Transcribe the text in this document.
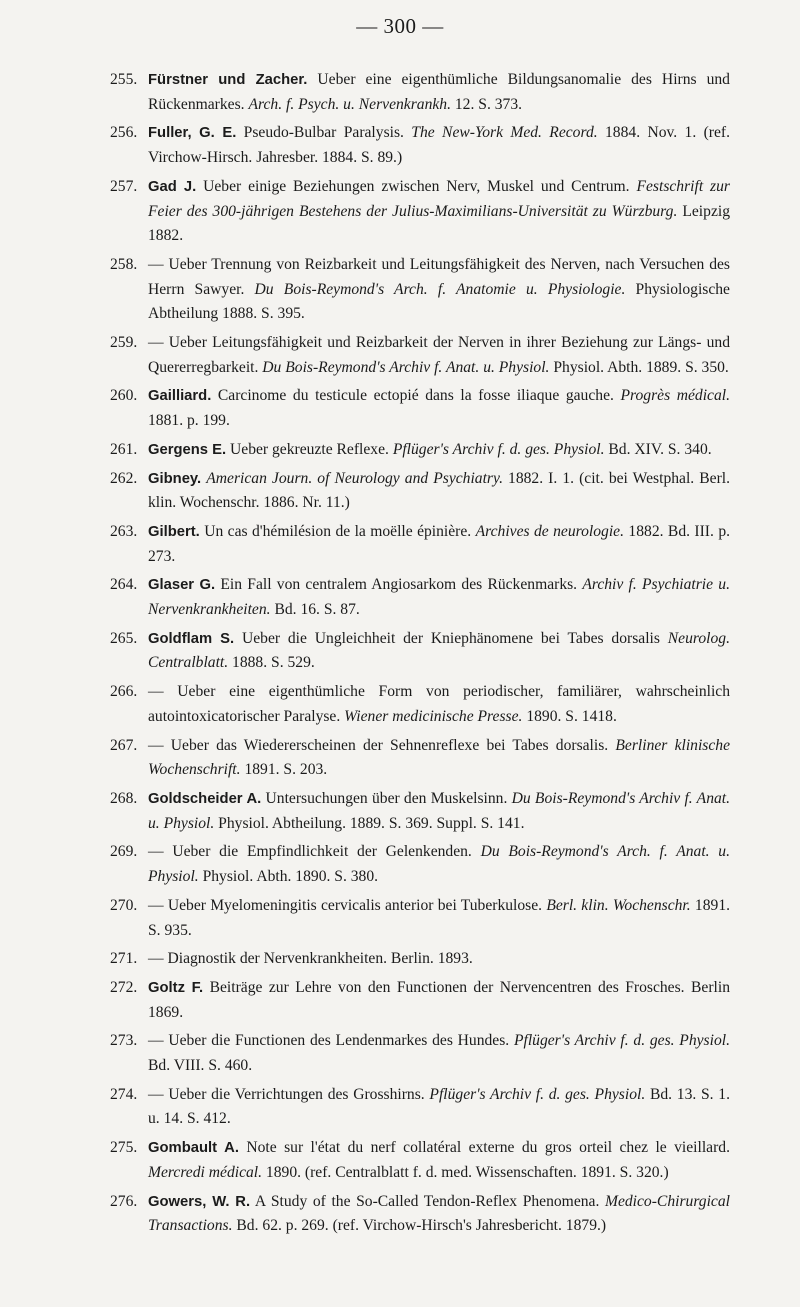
— 300 —
255. Fürstner und Zacher. Ueber eine eigenthümliche Bildungsanomalie des Hirns und Rückenmarkes. Arch. f. Psych. u. Nervenkrankh. 12. S. 373.
256. Fuller, G. E. Pseudo-Bulbar Paralysis. The New-York Med. Record. 1884. Nov. 1. (ref. Virchow-Hirsch. Jahresber. 1884. S. 89.)
257. Gad J. Ueber einige Beziehungen zwischen Nerv, Muskel und Centrum. Festschrift zur Feier des 300-jährigen Bestehens der Julius-Maximilians-Universität zu Würzburg. Leipzig 1882.
258. — Ueber Trennung von Reizbarkeit und Leitungsfähigkeit des Nerven, nach Versuchen des Herrn Sawyer. Du Bois-Reymond's Arch. f. Anatomie u. Physiologie. Physiologische Abtheilung 1888. S. 395.
259. — Ueber Leitungsfähigkeit und Reizbarkeit der Nerven in ihrer Beziehung zur Längs- und Quererregbarkeit. Du Bois-Reymond's Archiv f. Anat. u. Physiol. Physiol. Abth. 1889. S. 350.
260. Gailliard. Carcinome du testicule ectopié dans la fosse iliaque gauche. Progrès médical. 1881. p. 199.
261. Gergens E. Ueber gekreuzte Reflexe. Pflüger's Archiv f. d. ges. Physiol. Bd. XIV. S. 340.
262. Gibney. American Journ. of Neurology and Psychiatry. 1882. I. 1. (cit. bei Westphal. Berl. klin. Wochenschr. 1886. Nr. 11.)
263. Gilbert. Un cas d'hémilésion de la moëlle épinière. Archives de neurologie. 1882. Bd. III. p. 273.
264. Glaser G. Ein Fall von centralem Angiosarkom des Rückenmarks. Archiv f. Psychiatrie u. Nervenkrankheiten. Bd. 16. S. 87.
265. Goldflam S. Ueber die Ungleichheit der Kniephänomene bei Tabes dorsalis Neurolog. Centralblatt. 1888. S. 529.
266. — Ueber eine eigenthümliche Form von periodischer, familiärer, wahrscheinlich autointoxicatorischer Paralyse. Wiener medicinische Presse. 1890. S. 1418.
267. — Ueber das Wiedererscheinen der Sehnenreflexe bei Tabes dorsalis. Berliner klinische Wochenschrift. 1891. S. 203.
268. Goldscheider A. Untersuchungen über den Muskelsinn. Du Bois-Reymond's Archiv f. Anat. u. Physiol. Physiol. Abtheilung. 1889. S. 369. Suppl. S. 141.
269. — Ueber die Empfindlichkeit der Gelenkenden. Du Bois-Reymond's Arch. f. Anat. u. Physiol. Physiol. Abth. 1890. S. 380.
270. — Ueber Myelomeningitis cervicalis anterior bei Tuberkulose. Berl. klin. Wochenschr. 1891. S. 935.
271. — Diagnostik der Nervenkrankheiten. Berlin. 1893.
272. Goltz F. Beiträge zur Lehre von den Functionen der Nervencentren des Frosches. Berlin 1869.
273. — Ueber die Functionen des Lendenmarkes des Hundes. Pflüger's Archiv f. d. ges. Physiol. Bd. VIII. S. 460.
274. — Ueber die Verrichtungen des Grosshirns. Pflüger's Archiv f. d. ges. Physiol. Bd. 13. S. 1. u. 14. S. 412.
275. Gombault A. Note sur l'état du nerf collatéral externe du gros orteil chez le vieillard. Mercredi médical. 1890. (ref. Centralblatt f. d. med. Wissenschaften. 1891. S. 320.)
276. Gowers, W. R. A Study of the So-Called Tendon-Reflex Phenomena. Medico-Chirurgical Transactions. Bd. 62. p. 269. (ref. Virchow-Hirsch's Jahresbericht. 1879.)
